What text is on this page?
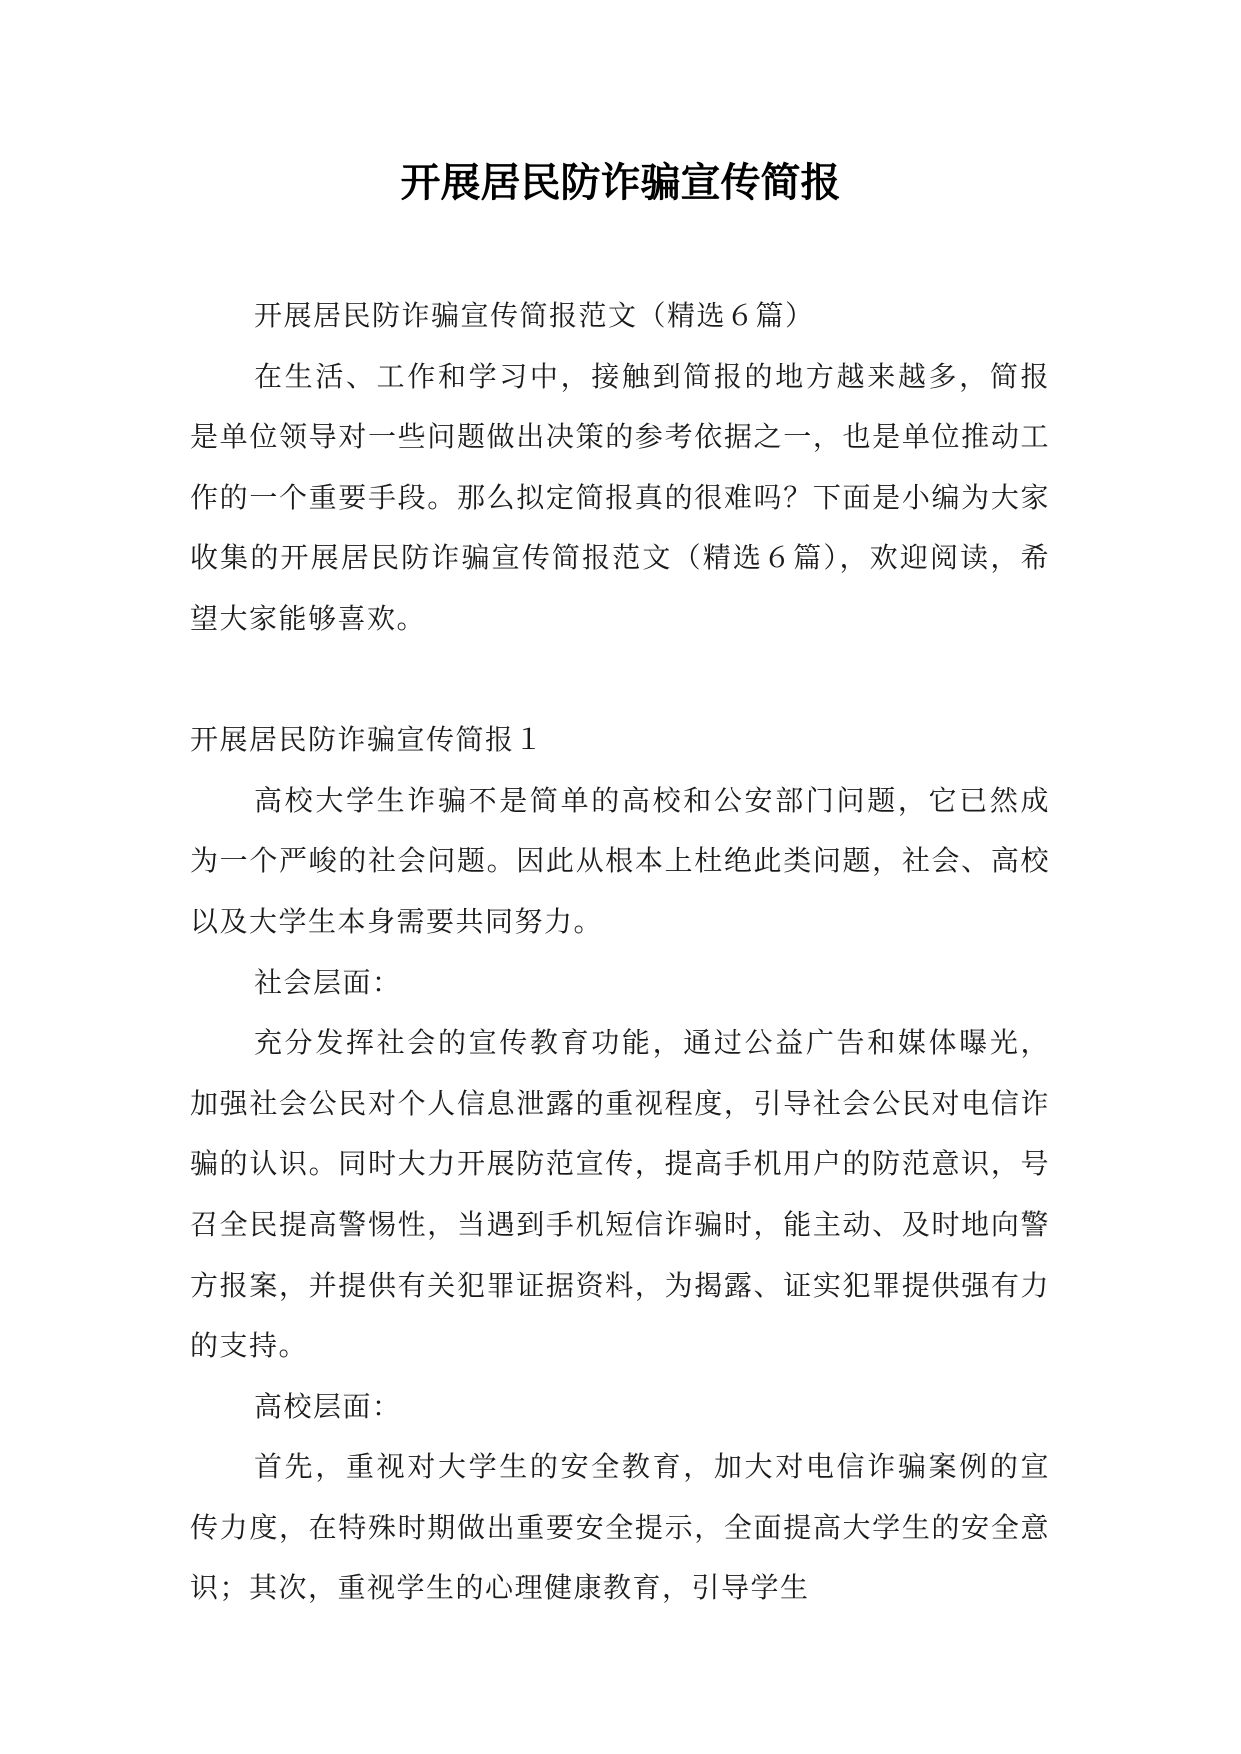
开展居民防诈骗宣传简报

开展居民防诈骗宣传简报范文（精选６篇）

在生活、工作和学习中，接触到简报的地方越来越多，简报是单位领导对一些问题做出决策的参考依据之一，也是单位推动工作的一个重要手段。那么拟定简报真的很难吗？下面是小编为大家收集的开展居民防诈骗宣传简报范文（精选６篇），欢迎阅读，希望大家能够喜欢。

开展居民防诈骗宣传简报１

高校大学生诈骗不是简单的高校和公安部门问题，它已然成为一个严峻的社会问题。因此从根本上杜绝此类问题，社会、高校以及大学生本身需要共同努力。

社会层面：

充分发挥社会的宣传教育功能，通过公益广告和媒体曝光，加强社会公民对个人信息泄露的重视程度，引导社会公民对电信诈骗的认识。同时大力开展防范宣传，提高手机用户的防范意识，号召全民提高警惕性，当遇到手机短信诈骗时，能主动、及时地向警方报案，并提供有关犯罪证据资料，为揭露、证实犯罪提供强有力的支持。

高校层面：

首先，重视对大学生的安全教育，加大对电信诈骗案例的宣传力度，在特殊时期做出重要安全提示，全面提高大学生的安全意识；其次，重视学生的心理健康教育，引导学生
